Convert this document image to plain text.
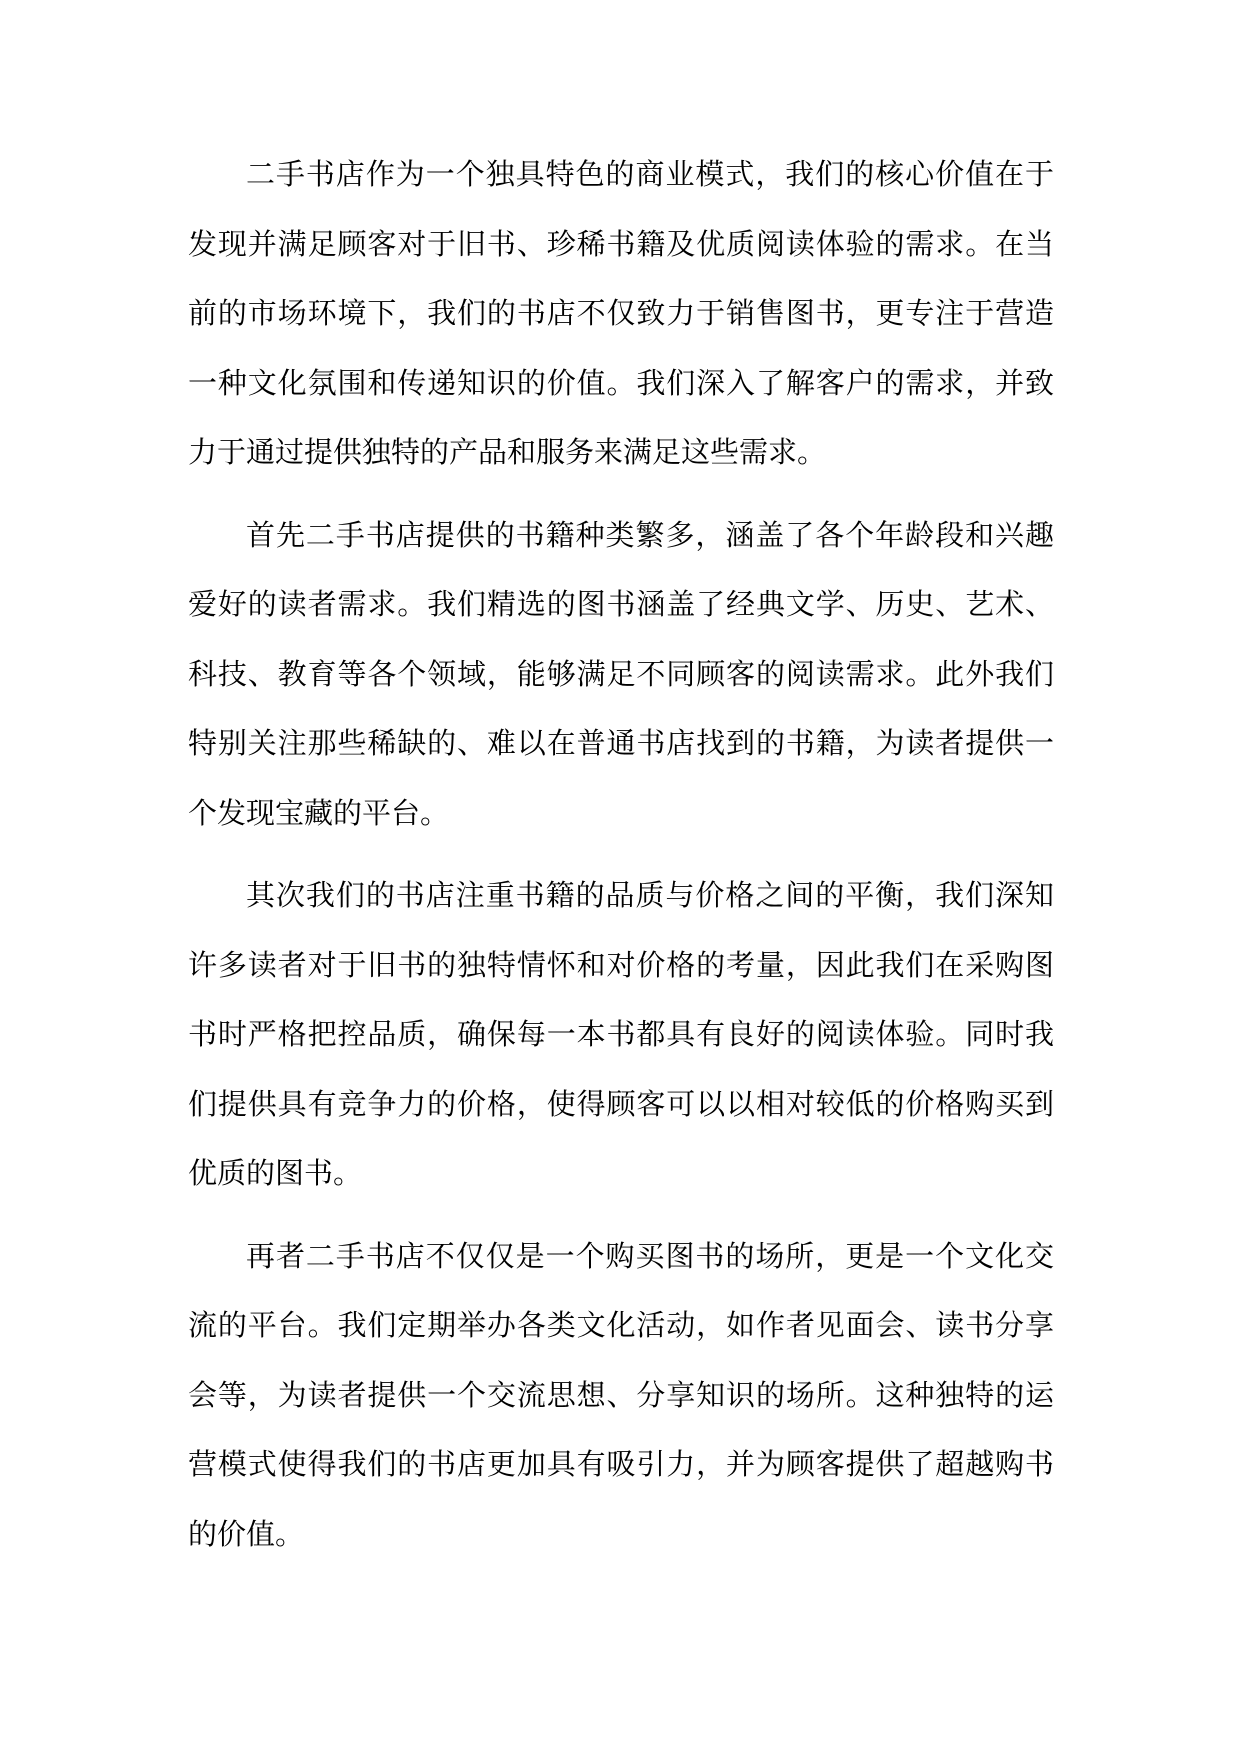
二手书店作为一个独具特色的商业模式，我们的核心价值在于发现并满足顾客对于旧书、珍稀书籍及优质阅读体验的需求。在当前的市场环境下，我们的书店不仅致力于销售图书，更专注于营造一种文化氛围和传递知识的价值。我们深入了解客户的需求，并致力于通过提供独特的产品和服务来满足这些需求。

首先二手书店提供的书籍种类繁多，涵盖了各个年龄段和兴趣爱好的读者需求。我们精选的图书涵盖了经典文学、历史、艺术、科技、教育等各个领域，能够满足不同顾客的阅读需求。此外我们特别关注那些稀缺的、难以在普通书店找到的书籍，为读者提供一个发现宝藏的平台。

其次我们的书店注重书籍的品质与价格之间的平衡，我们深知许多读者对于旧书的独特情怀和对价格的考量，因此我们在采购图书时严格把控品质，确保每一本书都具有良好的阅读体验。同时我们提供具有竞争力的价格，使得顾客可以以相对较低的价格购买到优质的图书。

再者二手书店不仅仅是一个购买图书的场所，更是一个文化交流的平台。我们定期举办各类文化活动，如作者见面会、读书分享会等，为读者提供一个交流思想、分享知识的场所。这种独特的运营模式使得我们的书店更加具有吸引力，并为顾客提供了超越购书的价值。
